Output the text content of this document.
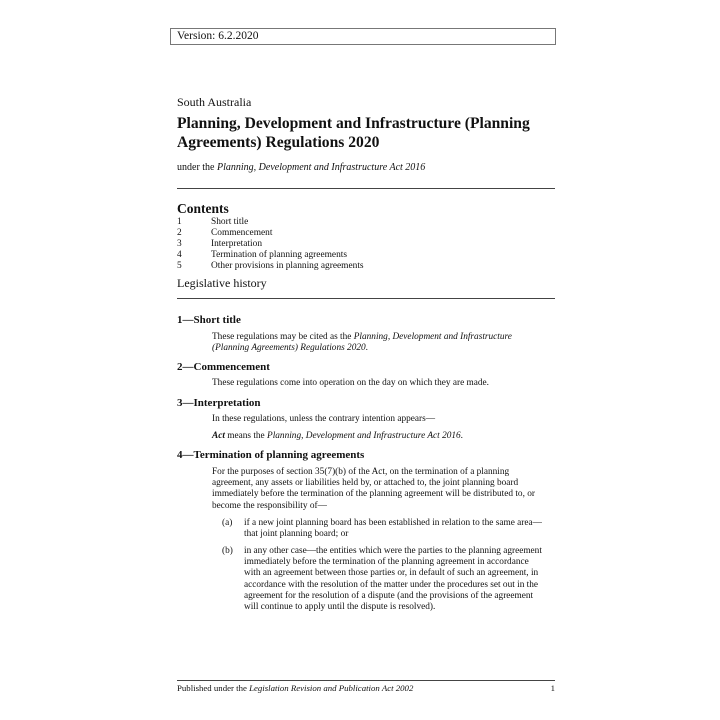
Version: 6.2.2020
South Australia
Planning, Development and Infrastructure (Planning Agreements) Regulations 2020
under the Planning, Development and Infrastructure Act 2016
Contents
1	Short title
2	Commencement
3	Interpretation
4	Termination of planning agreements
5	Other provisions in planning agreements
Legislative history
1—Short title
These regulations may be cited as the Planning, Development and Infrastructure (Planning Agreements) Regulations 2020.
2—Commencement
These regulations come into operation on the day on which they are made.
3—Interpretation
In these regulations, unless the contrary intention appears—
Act means the Planning, Development and Infrastructure Act 2016.
4—Termination of planning agreements
For the purposes of section 35(7)(b) of the Act, on the termination of a planning agreement, any assets or liabilities held by, or attached to, the joint planning board immediately before the termination of the planning agreement will be distributed to, or become the responsibility of—
(a)	if a new joint planning board has been established in relation to the same area—that joint planning board; or
(b)	in any other case—the entities which were the parties to the planning agreement immediately before the termination of the planning agreement in accordance with an agreement between those parties or, in default of such an agreement, in accordance with the resolution of the matter under the procedures set out in the agreement for the resolution of a dispute (and the provisions of the agreement will continue to apply until the dispute is resolved).
Published under the Legislation Revision and Publication Act 2002	1
